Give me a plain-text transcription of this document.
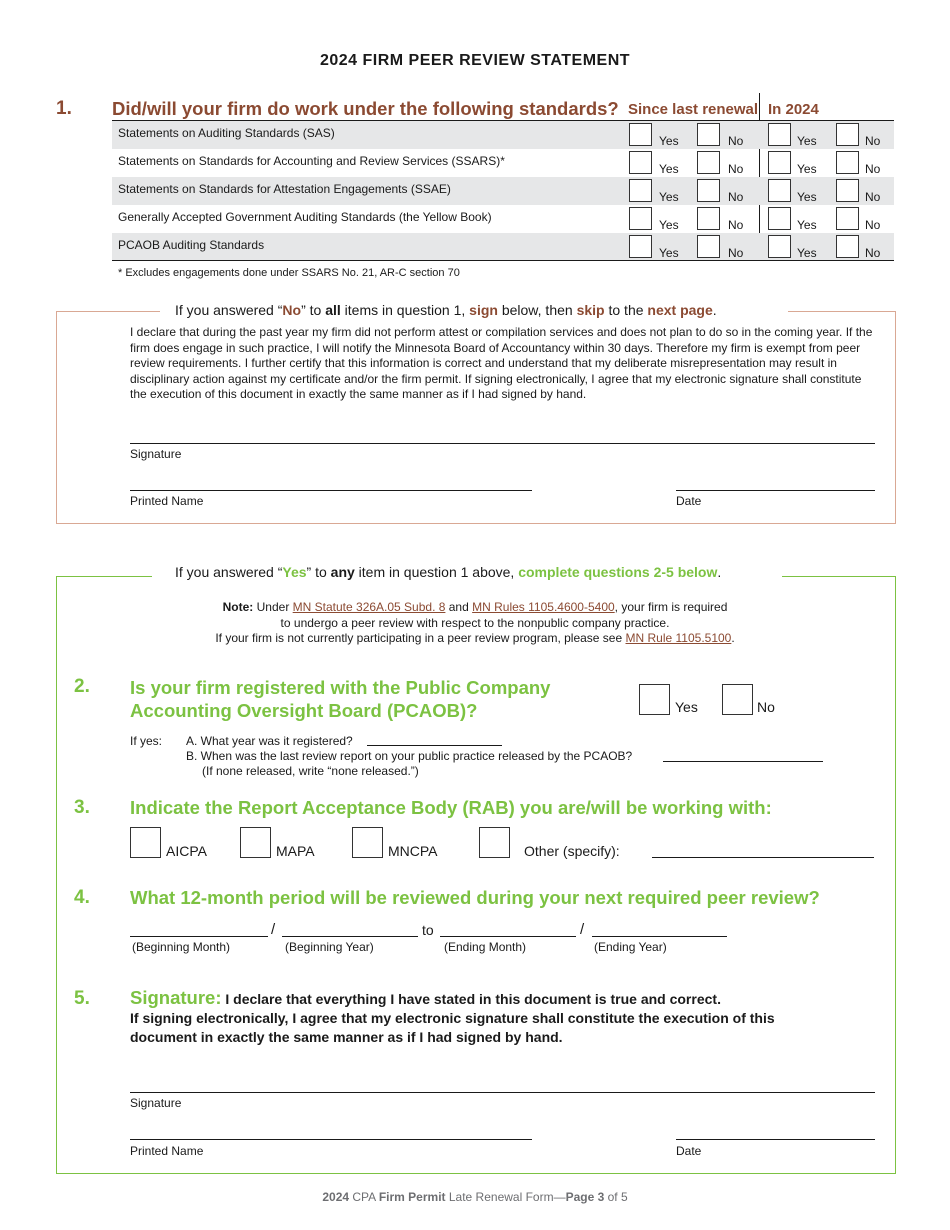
2024 FIRM PEER REVIEW STATEMENT
1. Did/will your firm do work under the following standards? Since last renewal In 2024
Statements on Auditing Standards (SAS)
Yes	No	Yes	No
Statements on Standards for Accounting and Review Services (SSARS)*
Yes	No	Yes	No
Statements on Standards for Attestation Engagements (SSAE)
Yes	No	Yes	No
Generally Accepted Government Auditing Standards (the Yellow Book)
Yes	No	Yes	No
PCAOB Auditing Standards
Yes	No	Yes	No
* Excludes engagements done under SSARS No. 21, AR-C section 70
If you answered “No” to all items in question 1, sign below, then skip to the next page.
I declare that during the past year my firm did not perform attest or compilation services and does not plan to do so in the coming year. If the firm does engage in such practice, I will notify the Minnesota Board of Accountancy within 30 days. Therefore my firm is exempt from peer review requirements. I further certify that this information is correct and understand that my deliberate misrepresentation may result in disciplinary action against my certificate and/or the firm permit. If signing electronically, I agree that my electronic signature shall constitute the execution of this document in exactly the same manner as if I had signed by hand.
Signature
Printed Name	Date
If you answered “Yes” to any item in question 1 above, complete questions 2-5 below.
Note: Under MN Statute 326A.05 Subd. 8 and MN Rules 1105.4600-5400, your firm is required
to undergo a peer review with respect to the nonpublic company practice.
If your firm is not currently participating in a peer review program, please see MN Rule 1105.5100.
2. Is your firm registered with the Public Company
Accounting Oversight Board (PCAOB)?	Yes	No
If yes: A. What year was it registered?
B. When was the last review report on your public practice released by the PCAOB?
(If none released, write “none released.”)
3. Indicate the Report Acceptance Body (RAB) you are/will be working with:
AICPA	MAPA	MNCPA	Other (specify):
4. What 12-month period will be reviewed during your next required peer review?
/	to	/
(Beginning Month)	(Beginning Year)	(Ending Month)	(Ending Year)
5. Signature: I declare that everything I have stated in this document is true and correct.
If signing electronically, I agree that my electronic signature shall constitute the execution of this
document in exactly the same manner as if I had signed by hand.
Signature
Printed Name	Date
2024 CPA Firm Permit Late Renewal Form—Page 3 of 5
